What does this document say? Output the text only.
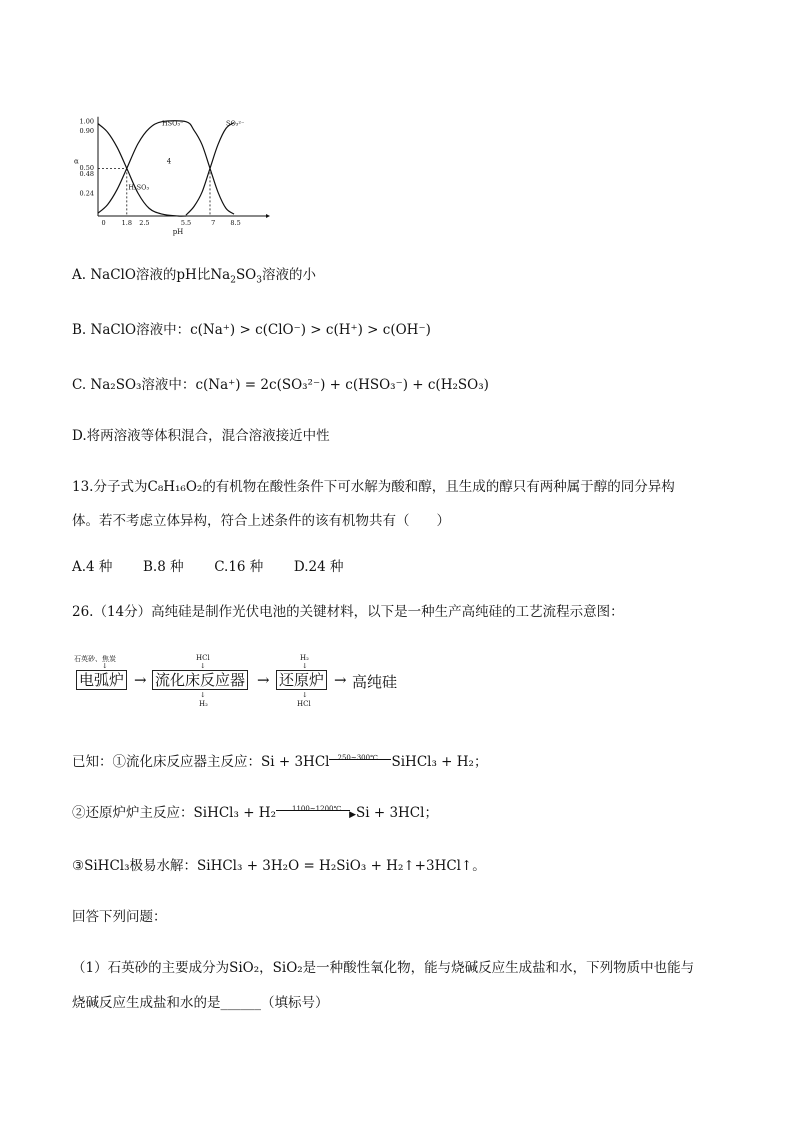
1.00
0.90
0.50
0.48
0.24
α
0 1.8 2.5	5.5	7 8.5
pH
H₂SO₃
HSO₃⁻	SO₃²⁻
4
A. NaClO溶液的pH比$Na_2SO_3$溶液的小
B. NaClO溶液中：c(Na⁺) > c(ClO⁻) > c(H⁺) > c(OH⁻)
C. Na₂SO₃溶液中：c(Na⁺) = 2c(SO₃²⁻) + c(HSO₃⁻) + c(H₂SO₃)
D.将两溶液等体积混合，混合溶液接近中性
13.分子式为C₈H₁₆O₂的有机物在酸性条件下可水解为酸和醇，且生成的醇只有两种属于醇的同分异构
体。若不考虑立体异构，符合上述条件的该有机物共有（　　）
A.4 种 B.8 种 C.16 种 D.24 种
26.（14分）高纯硅是制作光伏电池的关键材料，以下是一种生产高纯硅的工艺流程示意图：
石英砂、焦炭
↓
电弧炉 →
HCl
↓
流化床反应器
↓
H₂
→
H₂
↓
还原炉
↓
HCl
→ 高纯硅
已知：①流化床反应器主反应：Si + 3HCl 250~300℃ SiHCl₃ + H₂；
②还原炉炉主反应：SiHCl₃ + H₂ 1100~1200℃
▶ Si + 3HCl；
③SiHCl₃极易水解：SiHCl₃ + 3H₂O = H₂SiO₃ + H₂↑+3HCl↑。
回答下列问题：
（1）石英砂的主要成分为SiO₂，SiO₂是一种酸性氧化物，能与烧碱反应生成盐和水，下列物质中也能与
烧碱反应生成盐和水的是______（填标号）
